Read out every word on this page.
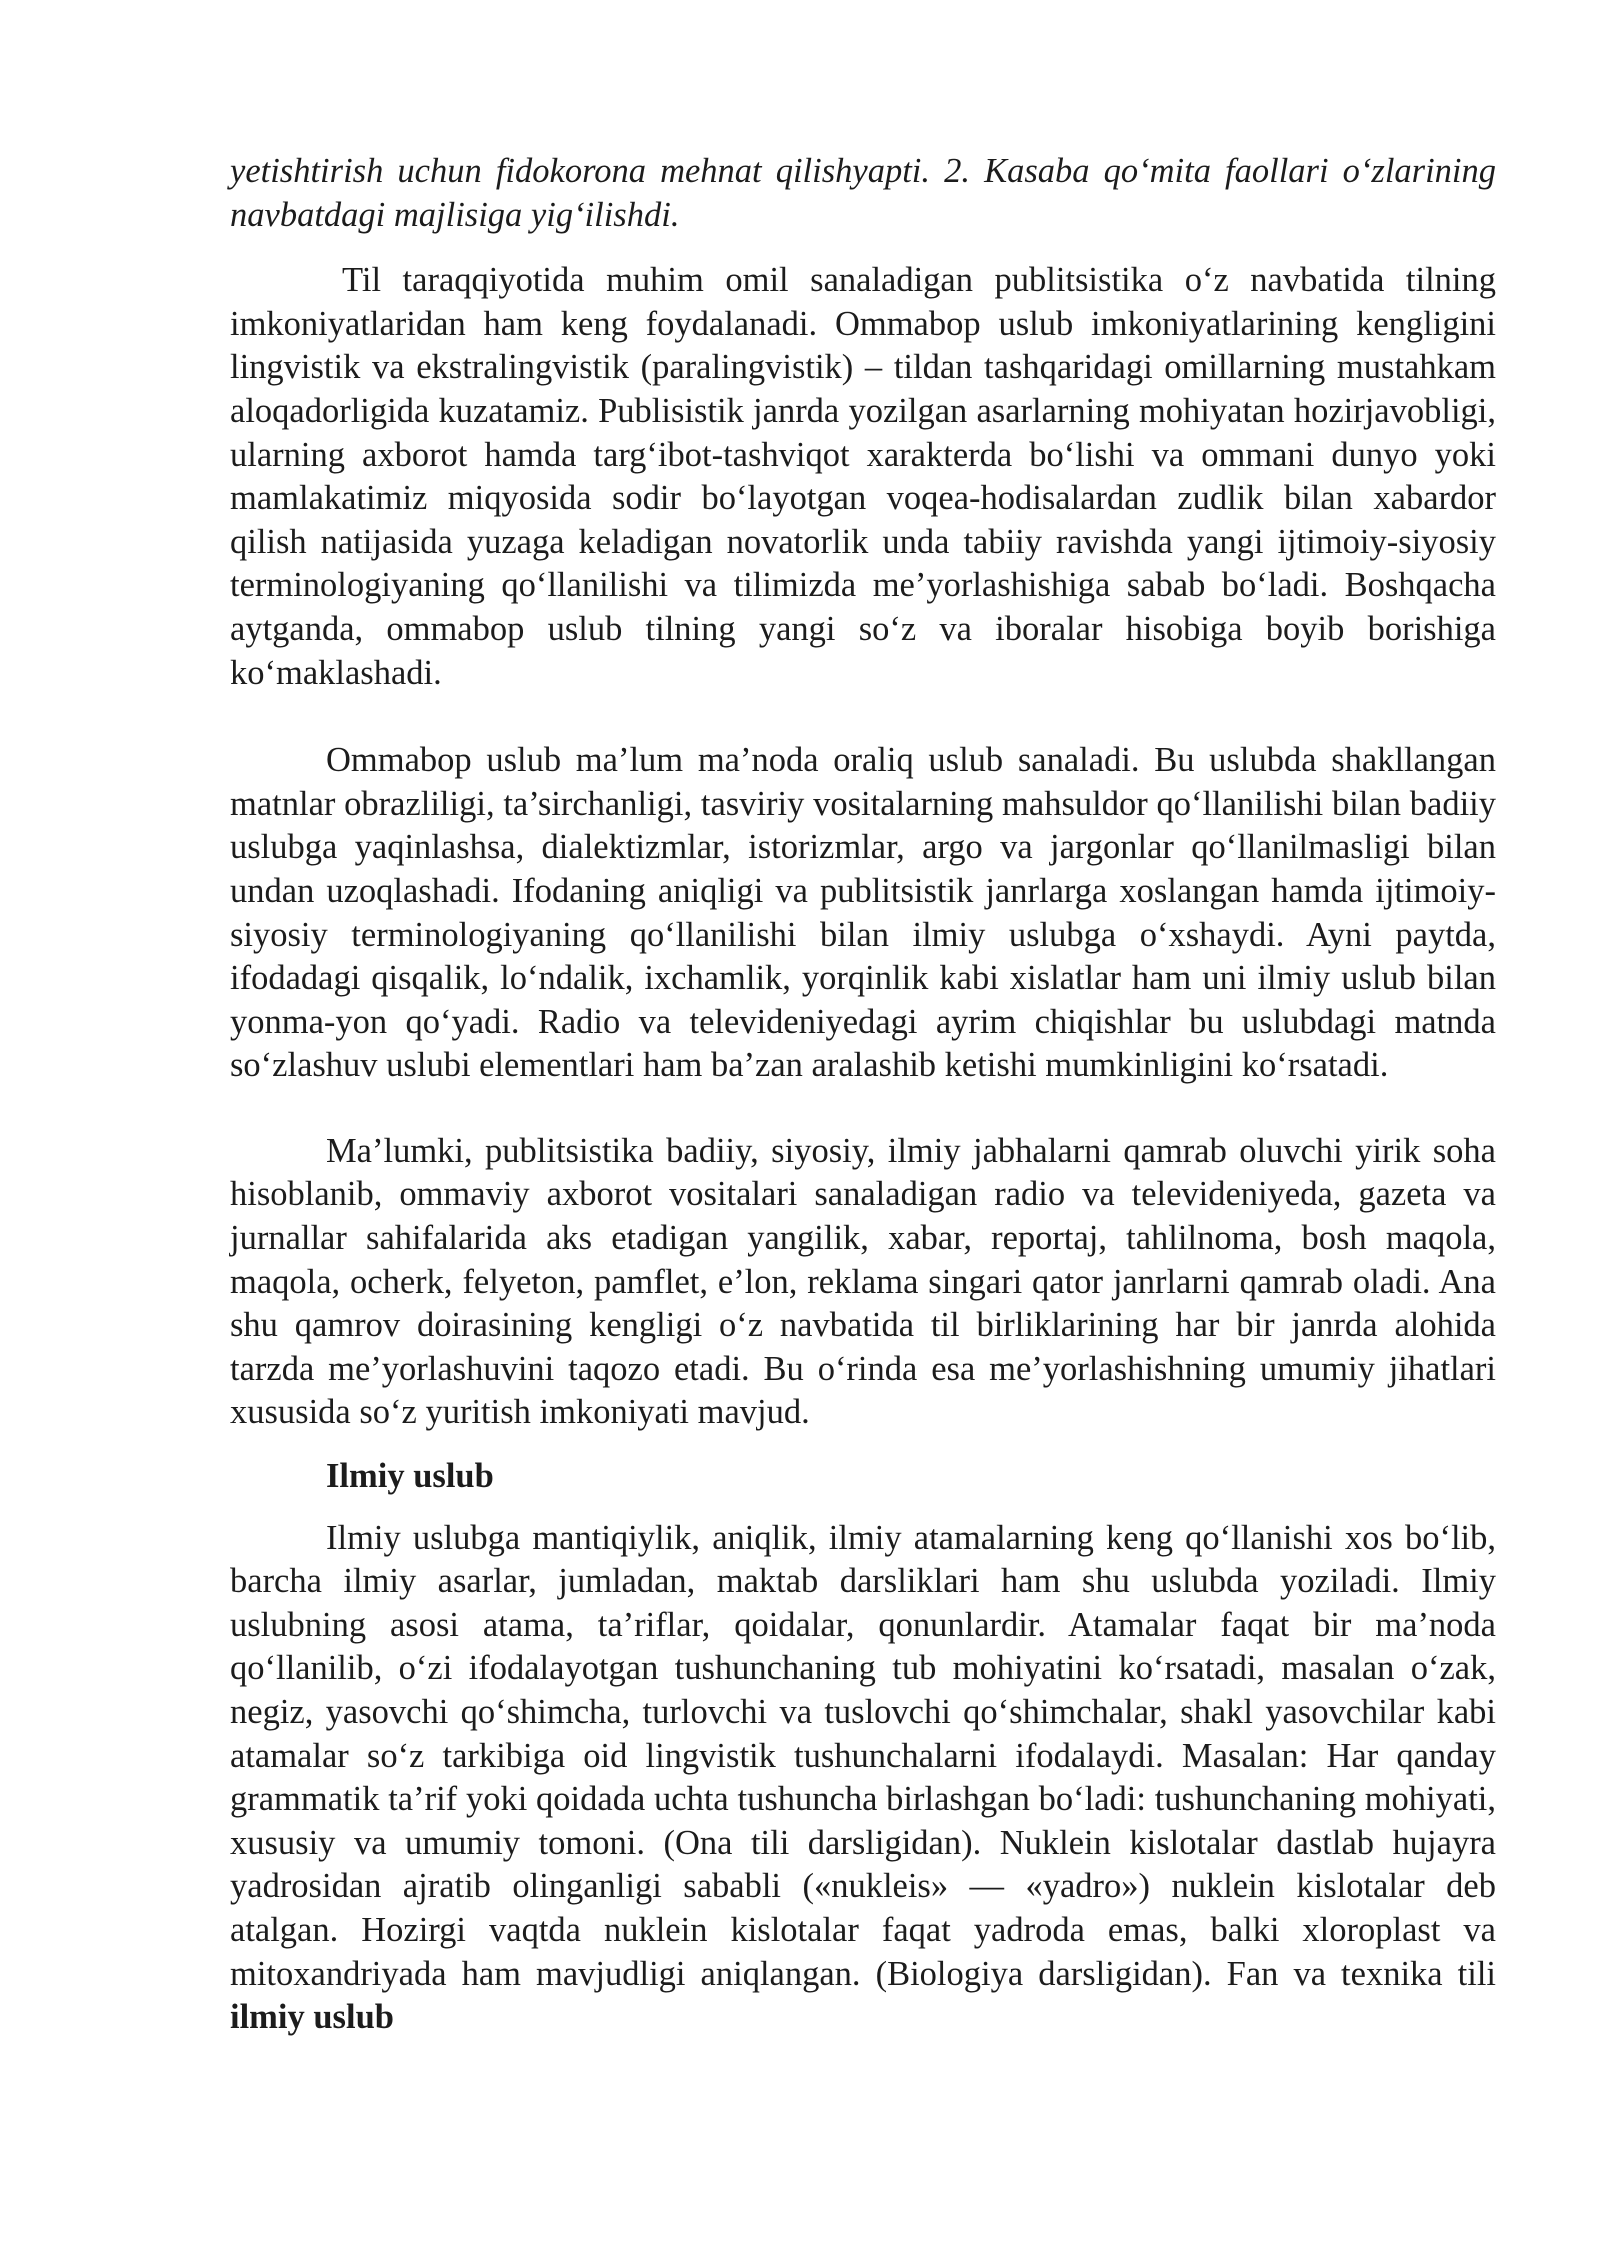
yetishtirish uchun fidokorona mehnat qilishyapti. 2. Kasaba qo‘mita faollari o‘zlarining navbatdagi majlisiga yig‘ilishdi.

Til taraqqiyotida muhim omil sanaladigan publitsistika o‘z navbatida tilning imkoniyatlaridan ham keng foydalanadi. Ommabop uslub imkoniyatlarining kengligini lingvistik va ekstralingvistik (paralingvistik) – tildan tashqaridagi omillarning mustahkam aloqadorligida kuzatamiz. Publisistik janrda yozilgan asarlarning mohiyatan hozirjavobligi, ularning axborot hamda targ‘ibot-tashviqot xarakterda bo‘lishi va ommani dunyo yoki mamlakatimiz miqyosida sodir bo‘layotgan voqea-hodisalardan zudlik bilan xabardor qilish natijasida yuzaga keladigan novatorlik unda tabiiy ravishda yangi ijtimoiy-siyosiy terminologiyaning qo‘llanilishi va tilimizda me’yorlashishiga sabab bo‘ladi. Boshqacha aytganda, ommabop uslub tilning yangi so‘z va iboralar hisobiga boyib borishiga ko‘maklashadi.

Ommabop uslub ma’lum ma’noda oraliq uslub sanaladi. Bu uslubda shakllangan matnlar obrazliligi, ta’sirchanligi, tasviriy vositalarning mahsuldor qo‘llanilishi bilan badiiy uslubga yaqinlashsa, dialektizmlar, istorizmlar, argo va jargonlar qo‘llanilmasligi bilan undan uzoqlashadi. Ifodaning aniqligi va publitsistik janrlarga xoslangan hamda ijtimoiy-siyosiy terminologiyaning qo‘llanilishi bilan ilmiy uslubga o‘xshaydi. Ayni paytda, ifodadagi qisqalik, lo‘ndalik, ixchamlik, yorqinlik kabi xislatlar ham uni ilmiy uslub bilan yonma-yon qo‘yadi. Radio va televideniyedagi ayrim chiqishlar bu uslubdagi matnda so‘zlashuv uslubi elementlari ham ba’zan aralashib ketishi mumkinligini ko‘rsatadi.

Ma’lumki, publitsistika badiiy, siyosiy, ilmiy jabhalarni qamrab oluvchi yirik soha hisoblanib, ommaviy axborot vositalari sanaladigan radio va televideniyeda, gazeta va jurnallar sahifalarida aks etadigan yangilik, xabar, reportaj, tahlilnoma, bosh maqola, maqola, ocherk, felyeton, pamflet, e’lon, reklama singari qator janrlarni qamrab oladi. Ana shu qamrov doirasining kengligi o‘z navbatida til birliklarining har bir janrda alohida tarzda me’yorlashuvini taqozo etadi. Bu o‘rinda esa me’yorlashishning umumiy jihatlari xususida so‘z yuritish imkoniyati mavjud.

Ilmiy uslub

Ilmiy uslubga mantiqiylik, aniqlik, ilmiy atamalarning keng qo‘llanishi xos bo‘lib, barcha ilmiy asarlar, jumladan, maktab darsliklari ham shu uslubda yoziladi. Ilmiy uslubning asosi atama, ta’riflar, qoidalar, qonunlardir. Atamalar faqat bir ma’noda qo‘llanilib, o‘zi ifodalayotgan tushunchaning tub mohiyatini ko‘rsatadi, masalan o‘zak, negiz, yasovchi qo‘shimcha, turlovchi va tuslovchi qo‘shimchalar, shakl yasovchilar kabi atamalar so‘z tarkibiga oid lingvistik tushunchalarni ifodalaydi. Masalan: Har qanday grammatik ta’rif yoki qoidada uchta tushuncha birlashgan bo‘ladi: tushunchaning mohiyati, xususiy va umumiy tomoni. (Ona tili darsligidan). Nuklein kislotalar dastlab hujayra yadrosidan ajratib olinganligi sababli («nukleis» — «yadro») nuklein kislotalar deb atalgan. Hozirgi vaqtda nuklein kislotalar faqat yadroda emas, balki xloroplast va mitoxandriyada ham mavjudligi aniqlangan. (Biologiya darsligidan). Fan va texnika tili ilmiy uslub
